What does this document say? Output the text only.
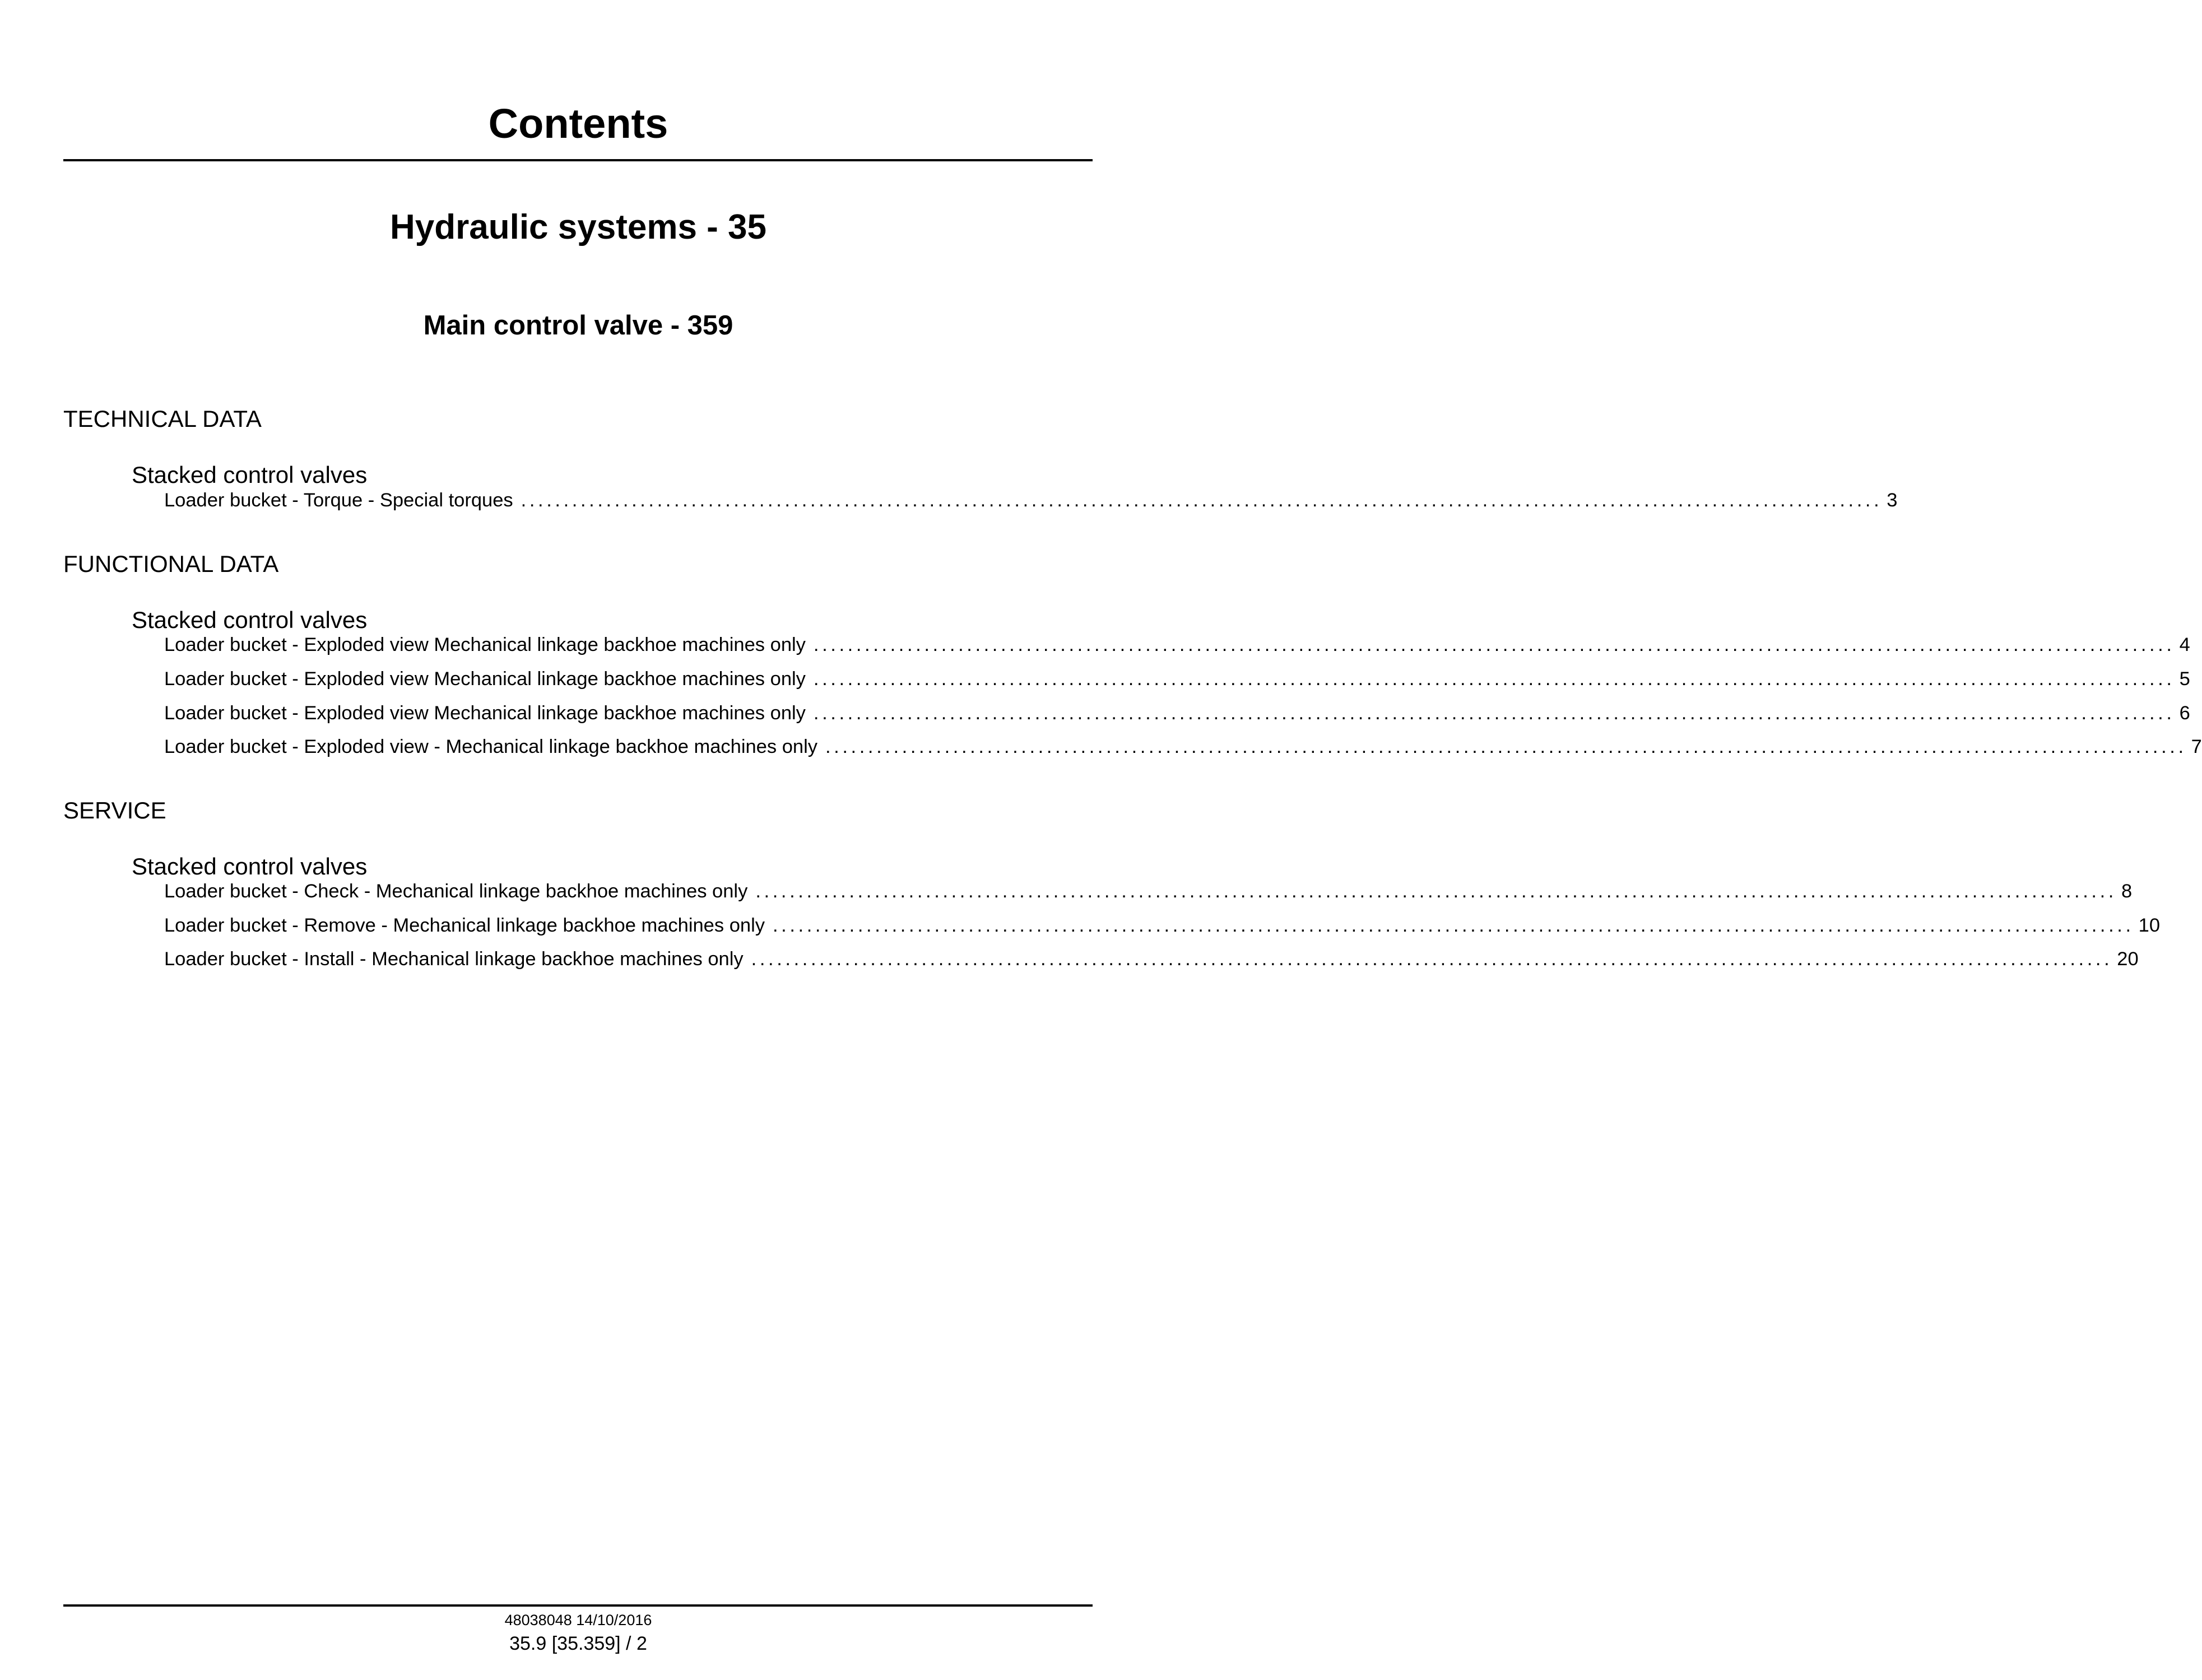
Contents
Hydraulic systems - 35
Main control valve - 359
TECHNICAL DATA
Stacked control valves
Loader bucket - Torque - Special torques ................................................................................................................................................................ 3
FUNCTIONAL DATA
Stacked control valves
Loader bucket - Exploded view Mechanical linkage backhoe machines only ................................................................................................................................................................ 4
Loader bucket - Exploded view Mechanical linkage backhoe machines only ................................................................................................................................................................ 5
Loader bucket - Exploded view Mechanical linkage backhoe machines only ................................................................................................................................................................ 6
Loader bucket - Exploded view - Mechanical linkage backhoe machines only ................................................................................................................................................................ 7
SERVICE
Stacked control valves
Loader bucket - Check - Mechanical linkage backhoe machines only ................................................................................................................................................................ 8
Loader bucket - Remove - Mechanical linkage backhoe machines only ................................................................................................................................................................ 10
Loader bucket - Install - Mechanical linkage backhoe machines only ................................................................................................................................................................ 20
48038048 14/10/2016
35.9 [35.359] / 2
